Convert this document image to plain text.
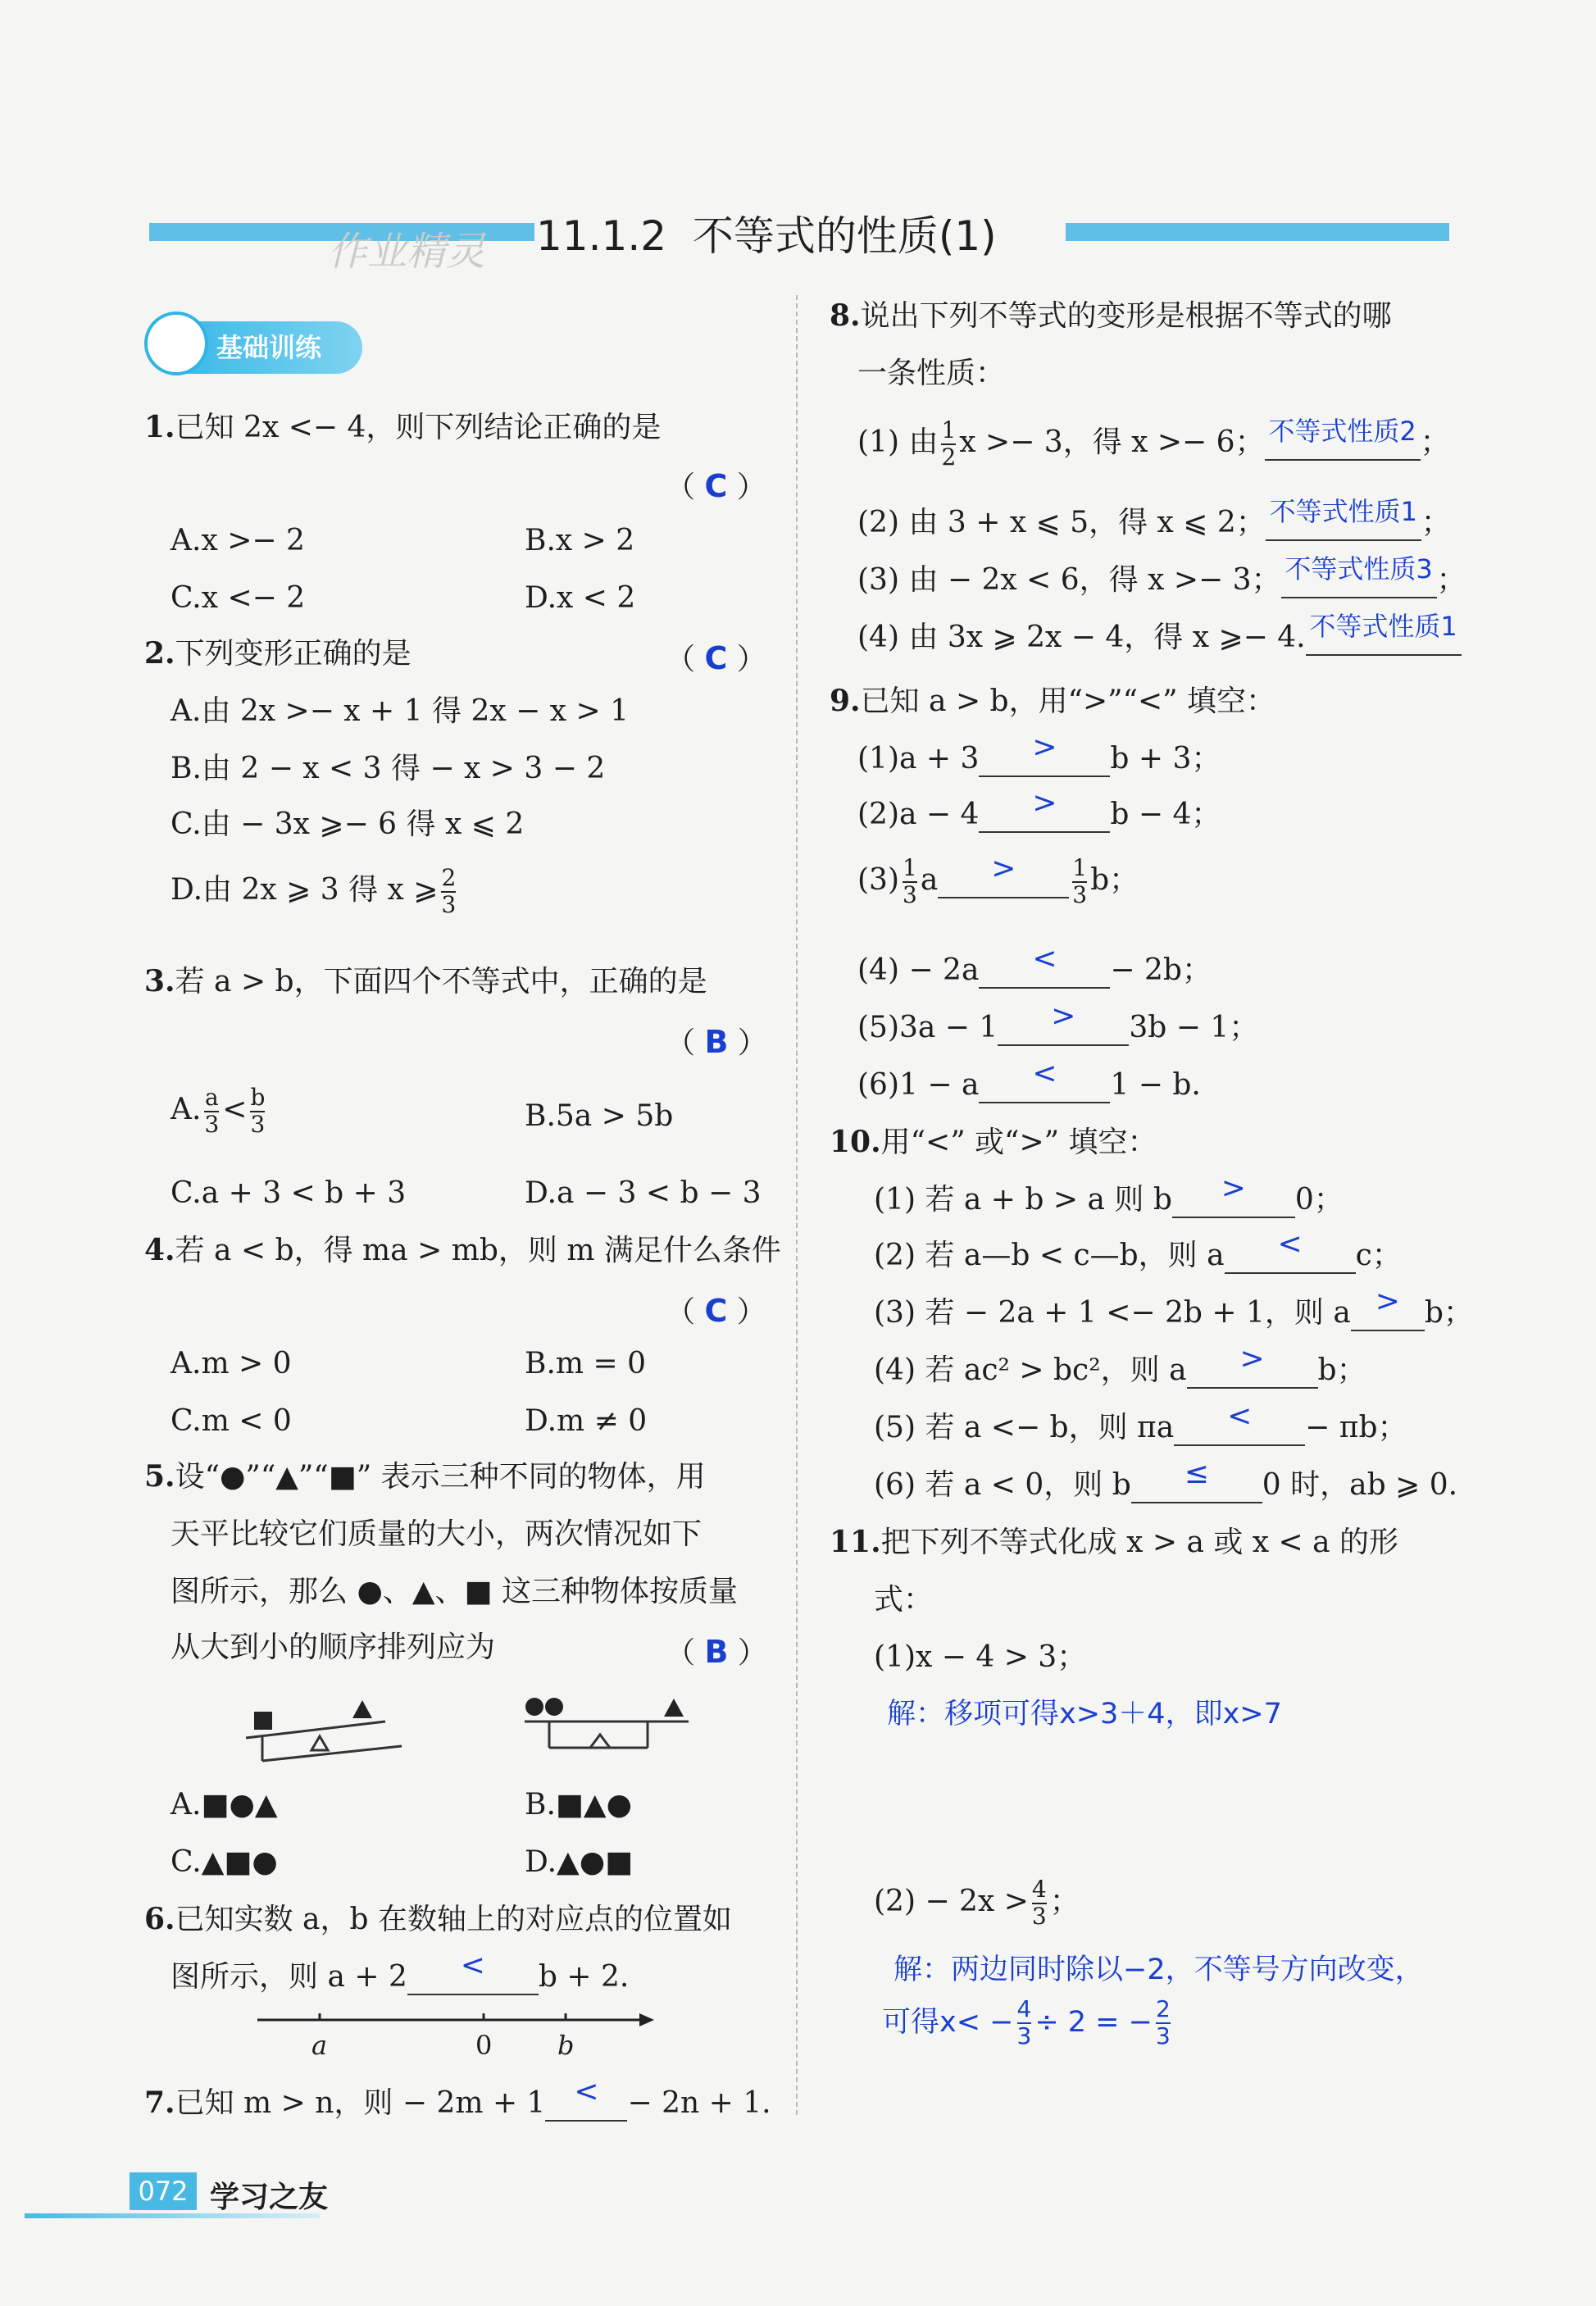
11.1.2 不等式的性质(1)
作业精灵
基础训练
1.已知 2x <− 4，则下列结论正确的是
（ C ）
A.x >− 2	B.x > 2
C.x <− 2	D.x < 2
2.下列变形正确的是	（ C ）
A.由 2x >− x + 1 得 2x − x > 1
B.由 2 − x < 3 得 − x > 3 − 2
C.由 − 3x ⩾− 6 得 x ⩽ 2
D.由 2x ⩾ 3 得 x ⩾ $\frac{2}{3}$
3.若 a > b，下面四个不等式中，正确的是
（ B ）
A. $\frac{a}{3} < \frac{b}{3}$	B.5a > 5b
C.a + 3 < b + 3	D.a − 3 < b − 3
4.若 a < b，得 ma > mb，则 m 满足什么条件
（ C ）
A.m > 0	B.m = 0
C.m < 0	D.m ≠ 0
5.设“●”“▲”“■” 表示三种不同的物体，用
天平比较它们质量的大小，两次情况如下
图所示，那么 ●、▲、■ 这三种物体按质量
从大到小的顺序排列应为	（ B ）
A.■●▲	B.■▲●
C.▲■●	D.▲●■
6.已知实数 a，b 在数轴上的对应点的位置如
图所示，则 a + 2 < b + 2.
a	0 b
7.已知 m > n，则 − 2m + 1 < − 2n + 1.
8.说出下列不等式的变形是根据不等式的哪
一条性质：
(1) 由 $\frac{1}{2}$ x >− 3，得 x >− 6； 不等式性质2 ；
(2) 由 3 + x ⩽ 5，得 x ⩽ 2； 不等式性质1 ；
(3) 由 − 2x < 6，得 x >− 3； 不等式性质3 ；
(4) 由 3x ⩾ 2x − 4，得 x ⩾− 4. 不等式性质1
9.已知 a > b，用“>”“<” 填空：
(1)a + 3 > b + 3；
(2)a − 4 > b − 4；
$(3) \frac{1}{3}$ $a > \frac{1}{3}$ b；
(4) − 2a < − 2b；
(5)3a − 1 > 3b − 1；
(6)1 − a < 1 − b.
10.用“<” 或“>” 填空：
(1) 若 a + b > a 则 b > 0；
(2) 若 a—b < c—b，则 a < c；
(3) 若 − 2a + 1 <− 2b + 1，则 a > b；
(4) 若 ac² > bc²，则 a > b；
(5) 若 a <− b，则 πa < − πb；
(6) 若 a < 0，则 b ≤ 0 时，ab ⩾ 0.
11.把下列不等式化成 x > a 或 x < a 的形
式：
(1)x − 4 > 3；
解：移项可得x>3＋4，即x>7
$(2) - 2x > \frac{4}{3}$ ；
解：两边同时除以−2，不等号方向改变，
可得$x< - \frac{4}{3} \div 2$ = − $\frac{2}{3}$
072 学习之友
